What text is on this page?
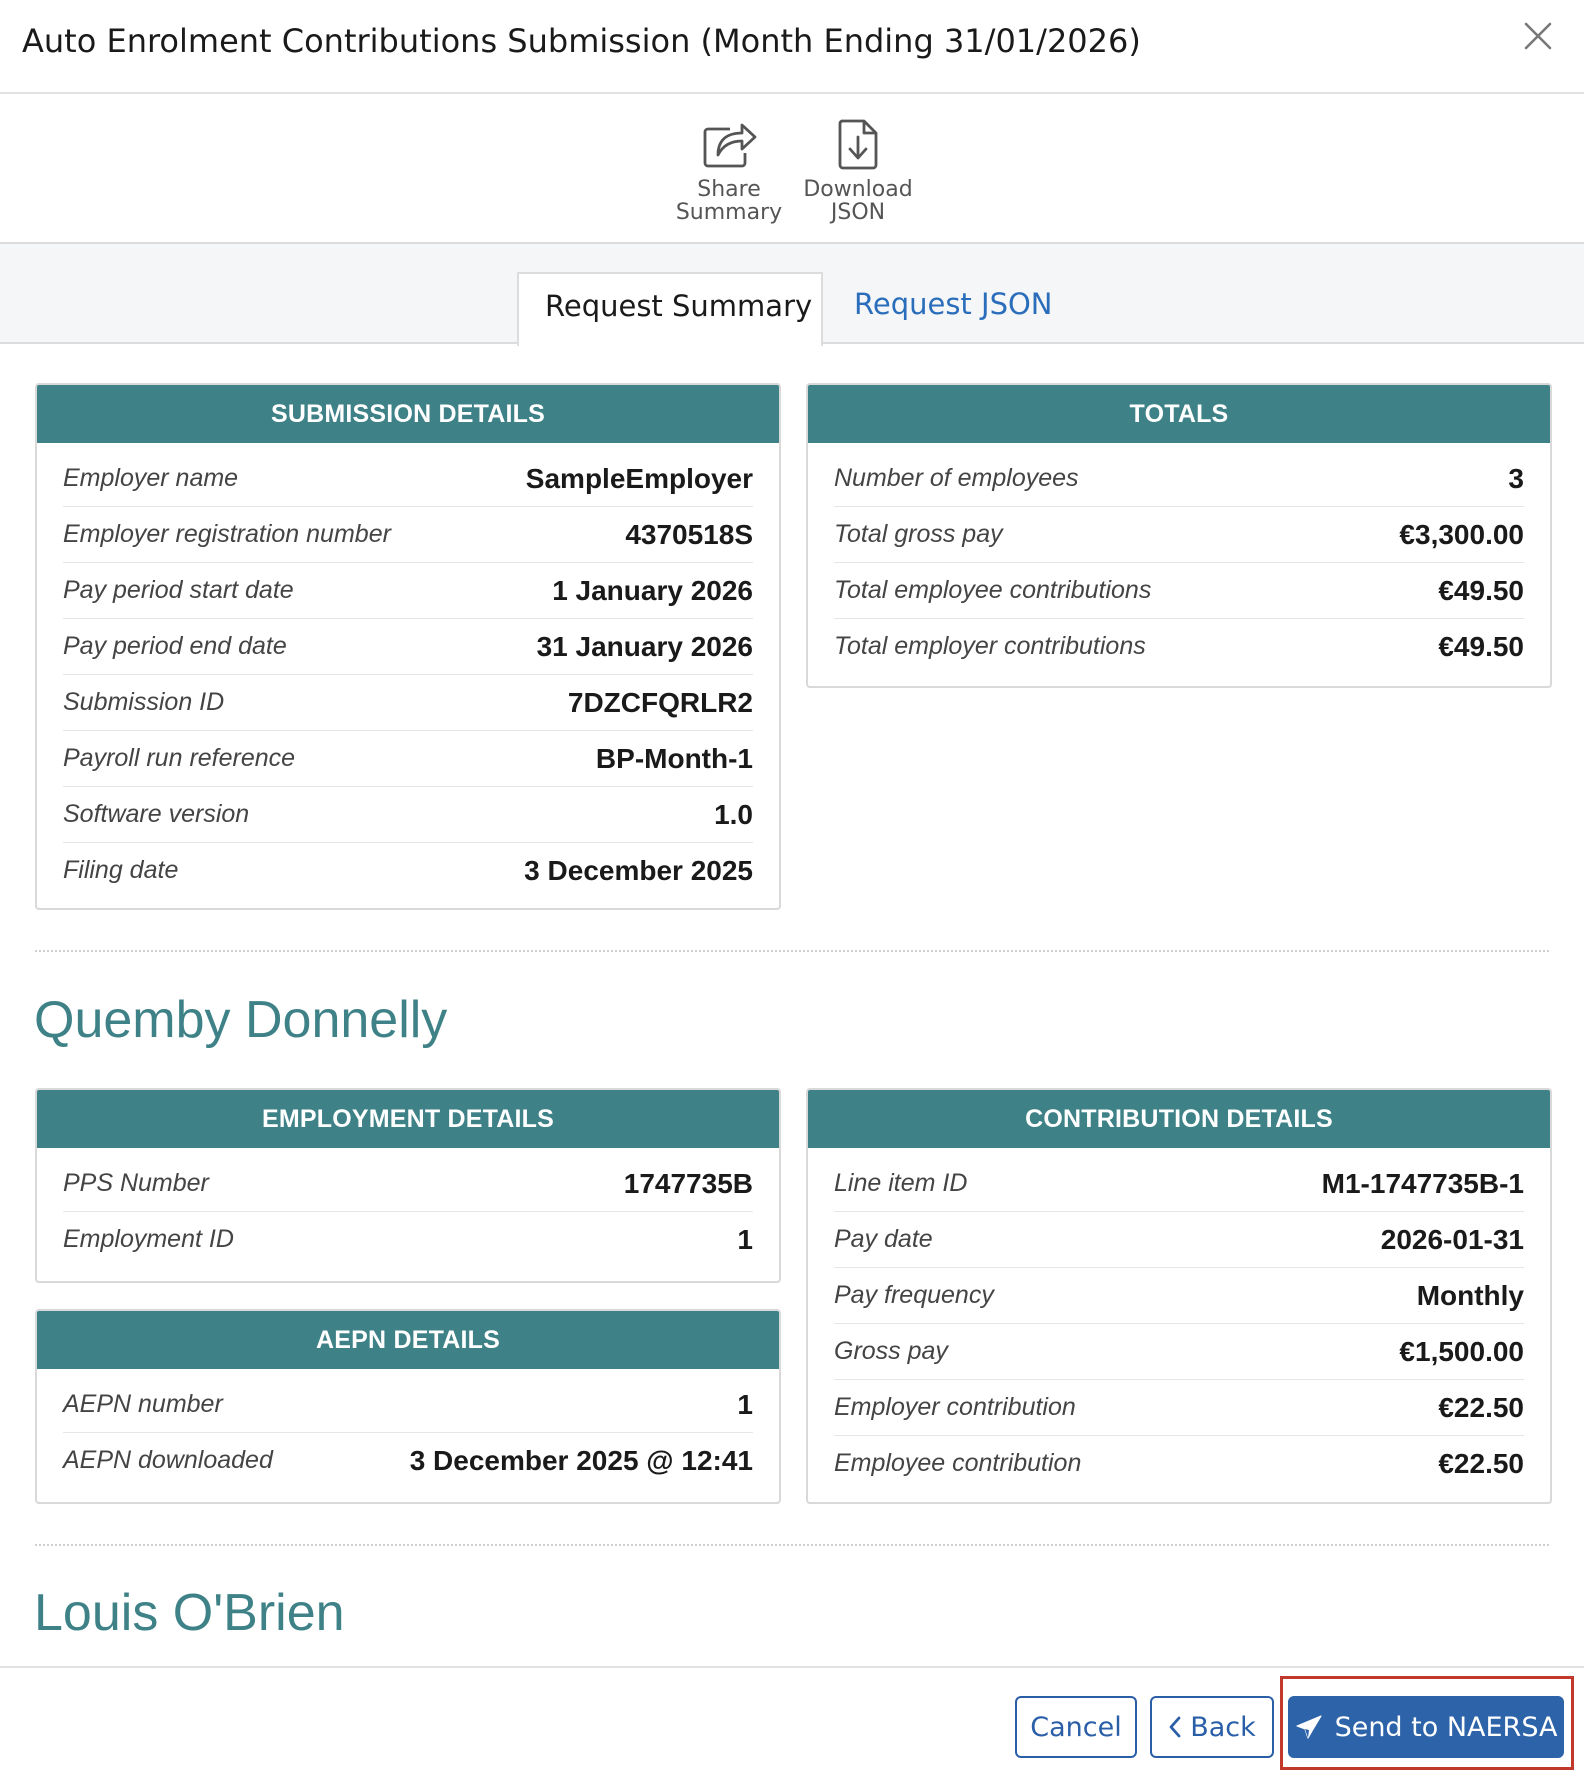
Auto Enrolment Contributions Submission (Month Ending 31/01/2026)
Share
Summary
Download
JSON
Request Summary	Request JSON
SUBMISSION DETAILS
Employer name	SampleEmployer
Employer registration number	4370518S
Pay period start date	1 January 2026
Pay period end date	31 January 2026
Submission ID	7DZCFQRLR2
Payroll run reference	BP-Month-1
Software version	1.0
Filing date	3 December 2025
TOTALS
Number of employees	3
Total gross pay	€3,300.00
Total employee contributions	€49.50
Total employer contributions	€49.50
Quemby Donnelly
EMPLOYMENT DETAILS
PPS Number	1747735B
Employment ID	1
AEPN DETAILS
AEPN number	1
AEPN downloaded	3 December 2025 @ 12:41
CONTRIBUTION DETAILS
Line item ID	M1-1747735B-1
Pay date	2026-01-31
Pay frequency	Monthly
Gross pay	€1,500.00
Employer contribution	€22.50
Employee contribution	€22.50
Louis O'Brien
Cancel	Back	Send to NAERSA
